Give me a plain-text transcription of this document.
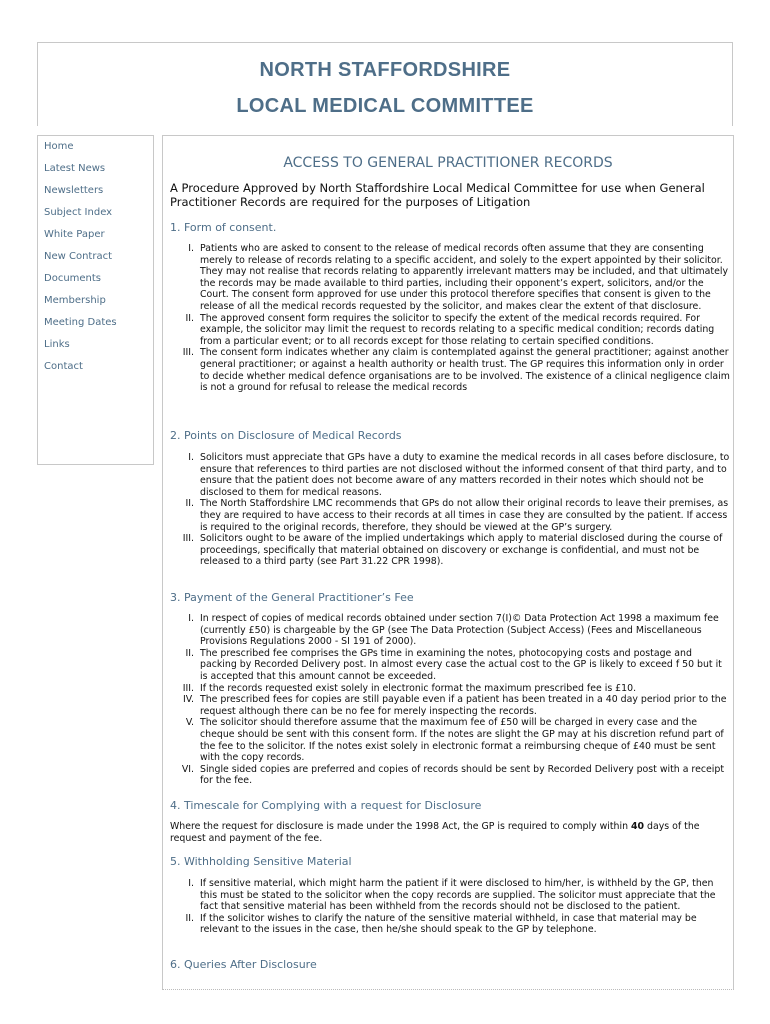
NORTH STAFFORDSHIRE
LOCAL MEDICAL COMMITTEE
Home
Latest News
Newsletters
Subject Index
White Paper
New Contract
Documents
Membership
Meeting Dates
Links
Contact
ACCESS TO GENERAL PRACTITIONER RECORDS
A Procedure Approved by North Staffordshire Local Medical Committee for use when General Practitioner Records are required for the purposes of Litigation
1. Form of consent.
I. Patients who are asked to consent to the release of medical records often assume that they are consenting merely to release of records relating to a specific accident, and solely to the expert appointed by their solicitor. They may not realise that records relating to apparently irrelevant matters may be included, and that ultimately the records may be made available to third parties, including their opponent’s expert, solicitors, and/or the Court. The consent form approved for use under this protocol therefore specifies that consent is given to the release of all the medical records requested by the solicitor, and makes clear the extent of that disclosure.
II. The approved consent form requires the solicitor to specify the extent of the medical records required. For example, the solicitor may limit the request to records relating to a specific medical condition; records dating from a particular event; or to all records except for those relating to certain specified conditions.
III. The consent form indicates whether any claim is contemplated against the general practitioner; against another general practitioner; or against a health authority or health trust. The GP requires this information only in order to decide whether medical defence organisations are to be involved. The existence of a clinical negligence claim is not a ground for refusal to release the medical records
2. Points on Disclosure of Medical Records
I. Solicitors must appreciate that GPs have a duty to examine the medical records in all cases before disclosure, to ensure that references to third parties are not disclosed without the informed consent of that third party, and to ensure that the patient does not become aware of any matters recorded in their notes which should not be disclosed to them for medical reasons.
II. The North Staffordshire LMC recommends that GPs do not allow their original records to leave their premises, as they are required to have access to their records at all times in case they are consulted by the patient. If access is required to the original records, therefore, they should be viewed at the GP’s surgery.
III. Solicitors ought to be aware of the implied undertakings which apply to material disclosed during the course of proceedings, specifically that material obtained on discovery or exchange is confidential, and must not be released to a third party (see Part 31.22 CPR 1998).
3. Payment of the General Practitioner’s Fee
I. In respect of copies of medical records obtained under section 7(I)© Data Protection Act 1998 a maximum fee (currently £50) is chargeable by the GP (see The Data Protection (Subject Access) (Fees and Miscellaneous Provisions Regulations 2000 - SI 191 of 2000).
II. The prescribed fee comprises the GPs time in examining the notes, photocopying costs and postage and packing by Recorded Delivery post. In almost every case the actual cost to the GP is likely to exceed f 50 but it is accepted that this amount cannot be exceeded.
III. If the records requested exist solely in electronic format the maximum prescribed fee is £10.
IV. The prescribed fees for copies are still payable even if a patient has been treated in a 40 day period prior to the request although there can be no fee for merely inspecting the records.
V. The solicitor should therefore assume that the maximum fee of £50 will be charged in every case and the cheque should be sent with this consent form. If the notes are slight the GP may at his discretion refund part of the fee to the solicitor. If the notes exist solely in electronic format a reimbursing cheque of £40 must be sent with the copy records.
VI. Single sided copies are preferred and copies of records should be sent by Recorded Delivery post with a receipt for the fee.
4. Timescale for Complying with a request for Disclosure
Where the request for disclosure is made under the 1998 Act, the GP is required to comply within 40 days of the request and payment of the fee.
5. Withholding Sensitive Material
I. If sensitive material, which might harm the patient if it were disclosed to him/her, is withheld by the GP, then this must be stated to the solicitor when the copy records are supplied. The solicitor must appreciate that the fact that sensitive material has been withheld from the records should not be disclosed to the patient.
II. If the solicitor wishes to clarify the nature of the sensitive material withheld, in case that material may be relevant to the issues in the case, then he/she should speak to the GP by telephone.
6. Queries After Disclosure
